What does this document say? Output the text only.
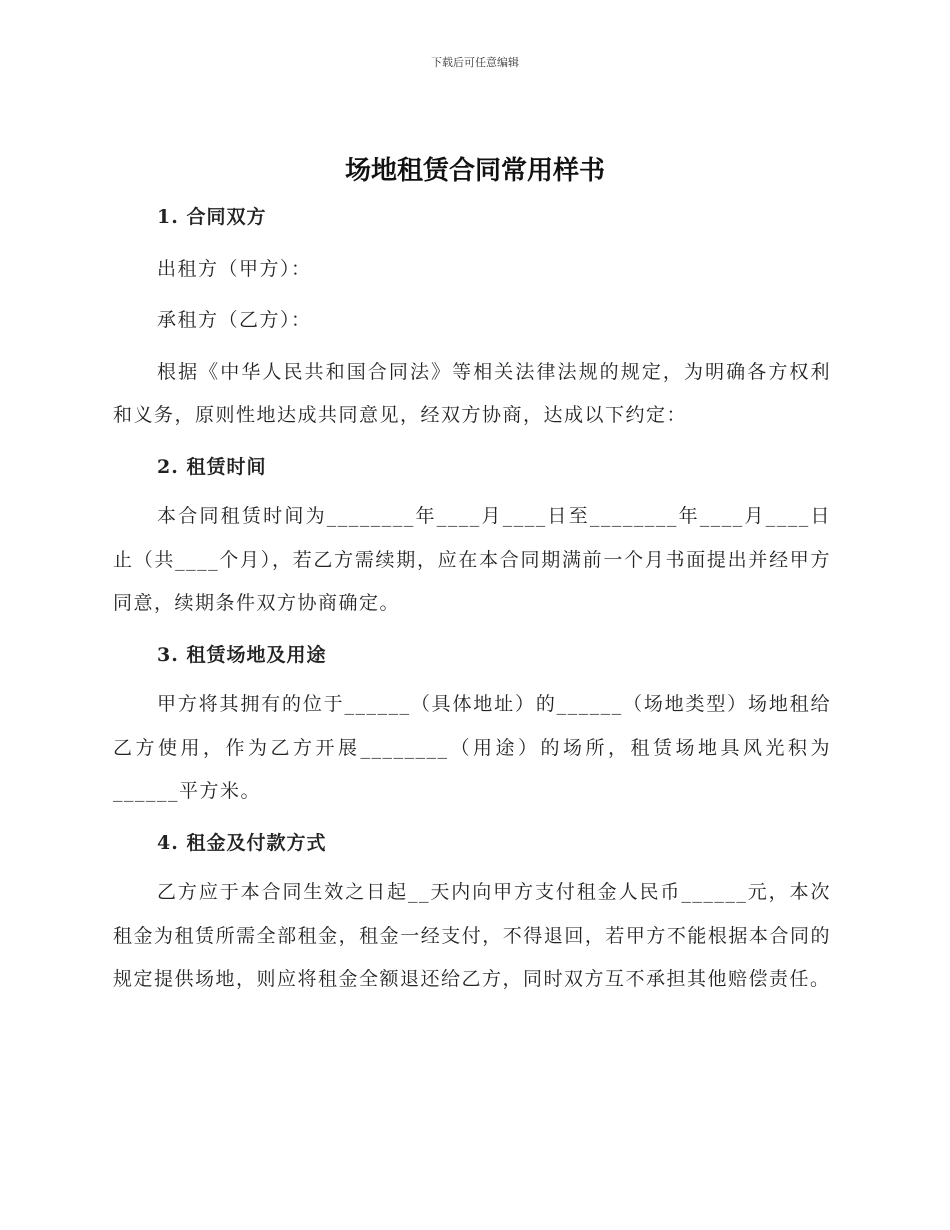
下载后可任意编辑
场地租赁合同常用样书

1. 合同双方

出租方（甲方）：

承租方（乙方）：

根据《中华人民共和国合同法》等相关法律法规的规定，为明确各方权利和义务，原则性地达成共同意见，经双方协商，达成以下约定：

2. 租赁时间

本合同租赁时间为________年____月____日至________年____月____日止（共____个月），若乙方需续期，应在本合同期满前一个月书面提出并经甲方同意，续期条件双方协商确定。

3. 租赁场地及用途

甲方将其拥有的位于______（具体地址）的______（场地类型）场地租给乙方使用，作为乙方开展________（用途）的场所，租赁场地具风光积为______平方米。

4. 租金及付款方式

乙方应于本合同生效之日起__天内向甲方支付租金人民币______元，本次租金为租赁所需全部租金，租金一经支付，不得退回，若甲方不能根据本合同的规定提供场地，则应将租金全额退还给乙方，同时双方互不承担其他赔偿责任。
